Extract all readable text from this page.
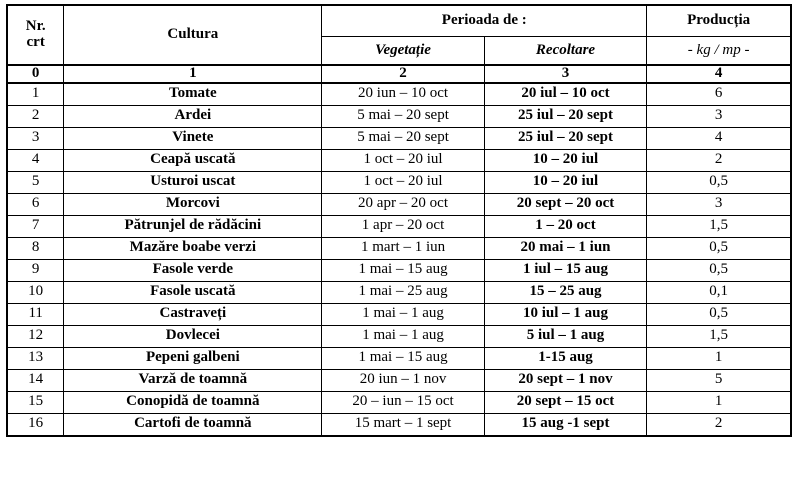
Nr.
crt	Cultura	Perioada de :		Producția
		Vegetație	Recoltare	- kg / mp -
0	1	2	3	4
1	Tomate	20 iun – 10 oct	20 iul – 10 oct	6
2	Ardei	5 mai – 20 sept	25 iul – 20 sept	3
3	Vinete	5 mai – 20 sept	25 iul – 20 sept	4
4	Ceapă uscată	1 oct – 20 iul	10 – 20 iul	2
5	Usturoi uscat	1 oct – 20 iul	10 – 20 iul	0,5
6	Morcovi	20 apr – 20 oct	20 sept – 20 oct	3
7	Pătrunjel de rădăcini	1 apr – 20 oct	1 – 20 oct	1,5
8	Mazăre boabe verzi	1 mart – 1 iun	20 mai – 1 iun	0,5
9	Fasole verde	1 mai – 15 aug	1 iul – 15 aug	0,5
10	Fasole uscată	1 mai – 25 aug	15 – 25 aug	0,1
11	Castraveți	1 mai – 1 aug	10 iul – 1 aug	0,5
12	Dovlecei	1 mai – 1 aug	5 iul – 1 aug	1,5
13	Pepeni galbeni	1 mai – 15 aug	1-15 aug	1
14	Varză de toamnă	20 iun – 1 nov	20 sept – 1 nov	5
15	Conopidă de toamnă	20 – iun – 15 oct	20 sept – 15 oct	1
16	Cartofi de toamnă	15 mart – 1 sept	15 aug -1 sept	2
